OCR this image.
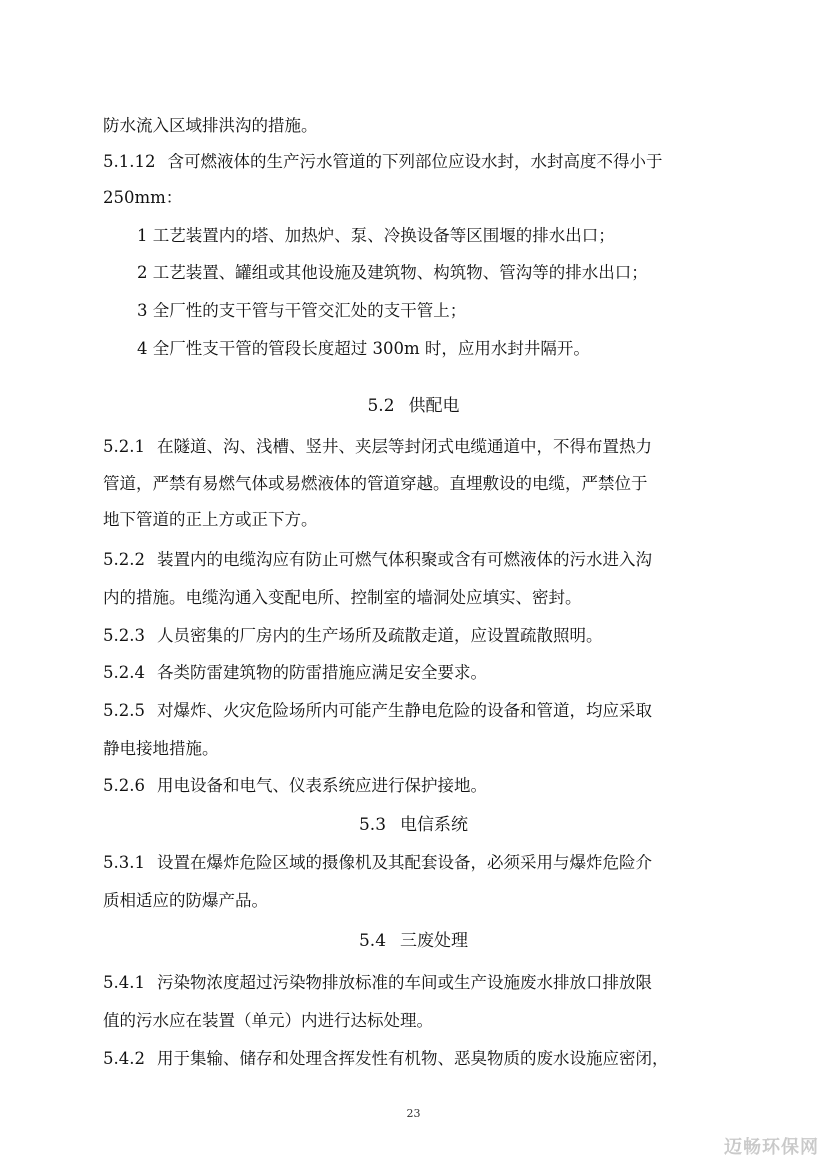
防水流入区域排洪沟的措施。
5.1.12 含可燃液体的生产污水管道的下列部位应设水封，水封高度不得小于
250mm：
1 工艺装置内的塔、加热炉、泵、冷换设备等区围堰的排水出口；
2 工艺装置、罐组或其他设施及建筑物、构筑物、管沟等的排水出口；
3 全厂性的支干管与干管交汇处的支干管上；
4 全厂性支干管的管段长度超过 300m 时，应用水封井隔开。
5.2 供配电
5.2.1 在隧道、沟、浅槽、竖井、夹层等封闭式电缆通道中，不得布置热力
管道，严禁有易燃气体或易燃液体的管道穿越。直埋敷设的电缆，严禁位于
地下管道的正上方或正下方。
5.2.2 装置内的电缆沟应有防止可燃气体积聚或含有可燃液体的污水进入沟
内的措施。电缆沟通入变配电所、控制室的墙洞处应填实、密封。
5.2.3 人员密集的厂房内的生产场所及疏散走道，应设置疏散照明。
5.2.4 各类防雷建筑物的防雷措施应满足安全要求。
5.2.5 对爆炸、火灾危险场所内可能产生静电危险的设备和管道，均应采取
静电接地措施。
5.2.6 用电设备和电气、仪表系统应进行保护接地。
5.3 电信系统
5.3.1 设置在爆炸危险区域的摄像机及其配套设备，必须采用与爆炸危险介
质相适应的防爆产品。
5.4 三废处理
5.4.1 污染物浓度超过污染物排放标准的车间或生产设施废水排放口排放限
值的污水应在装置（单元）内进行达标处理。
5.4.2 用于集输、储存和处理含挥发性有机物、恶臭物质的废水设施应密闭，
23
迈畅环保网
